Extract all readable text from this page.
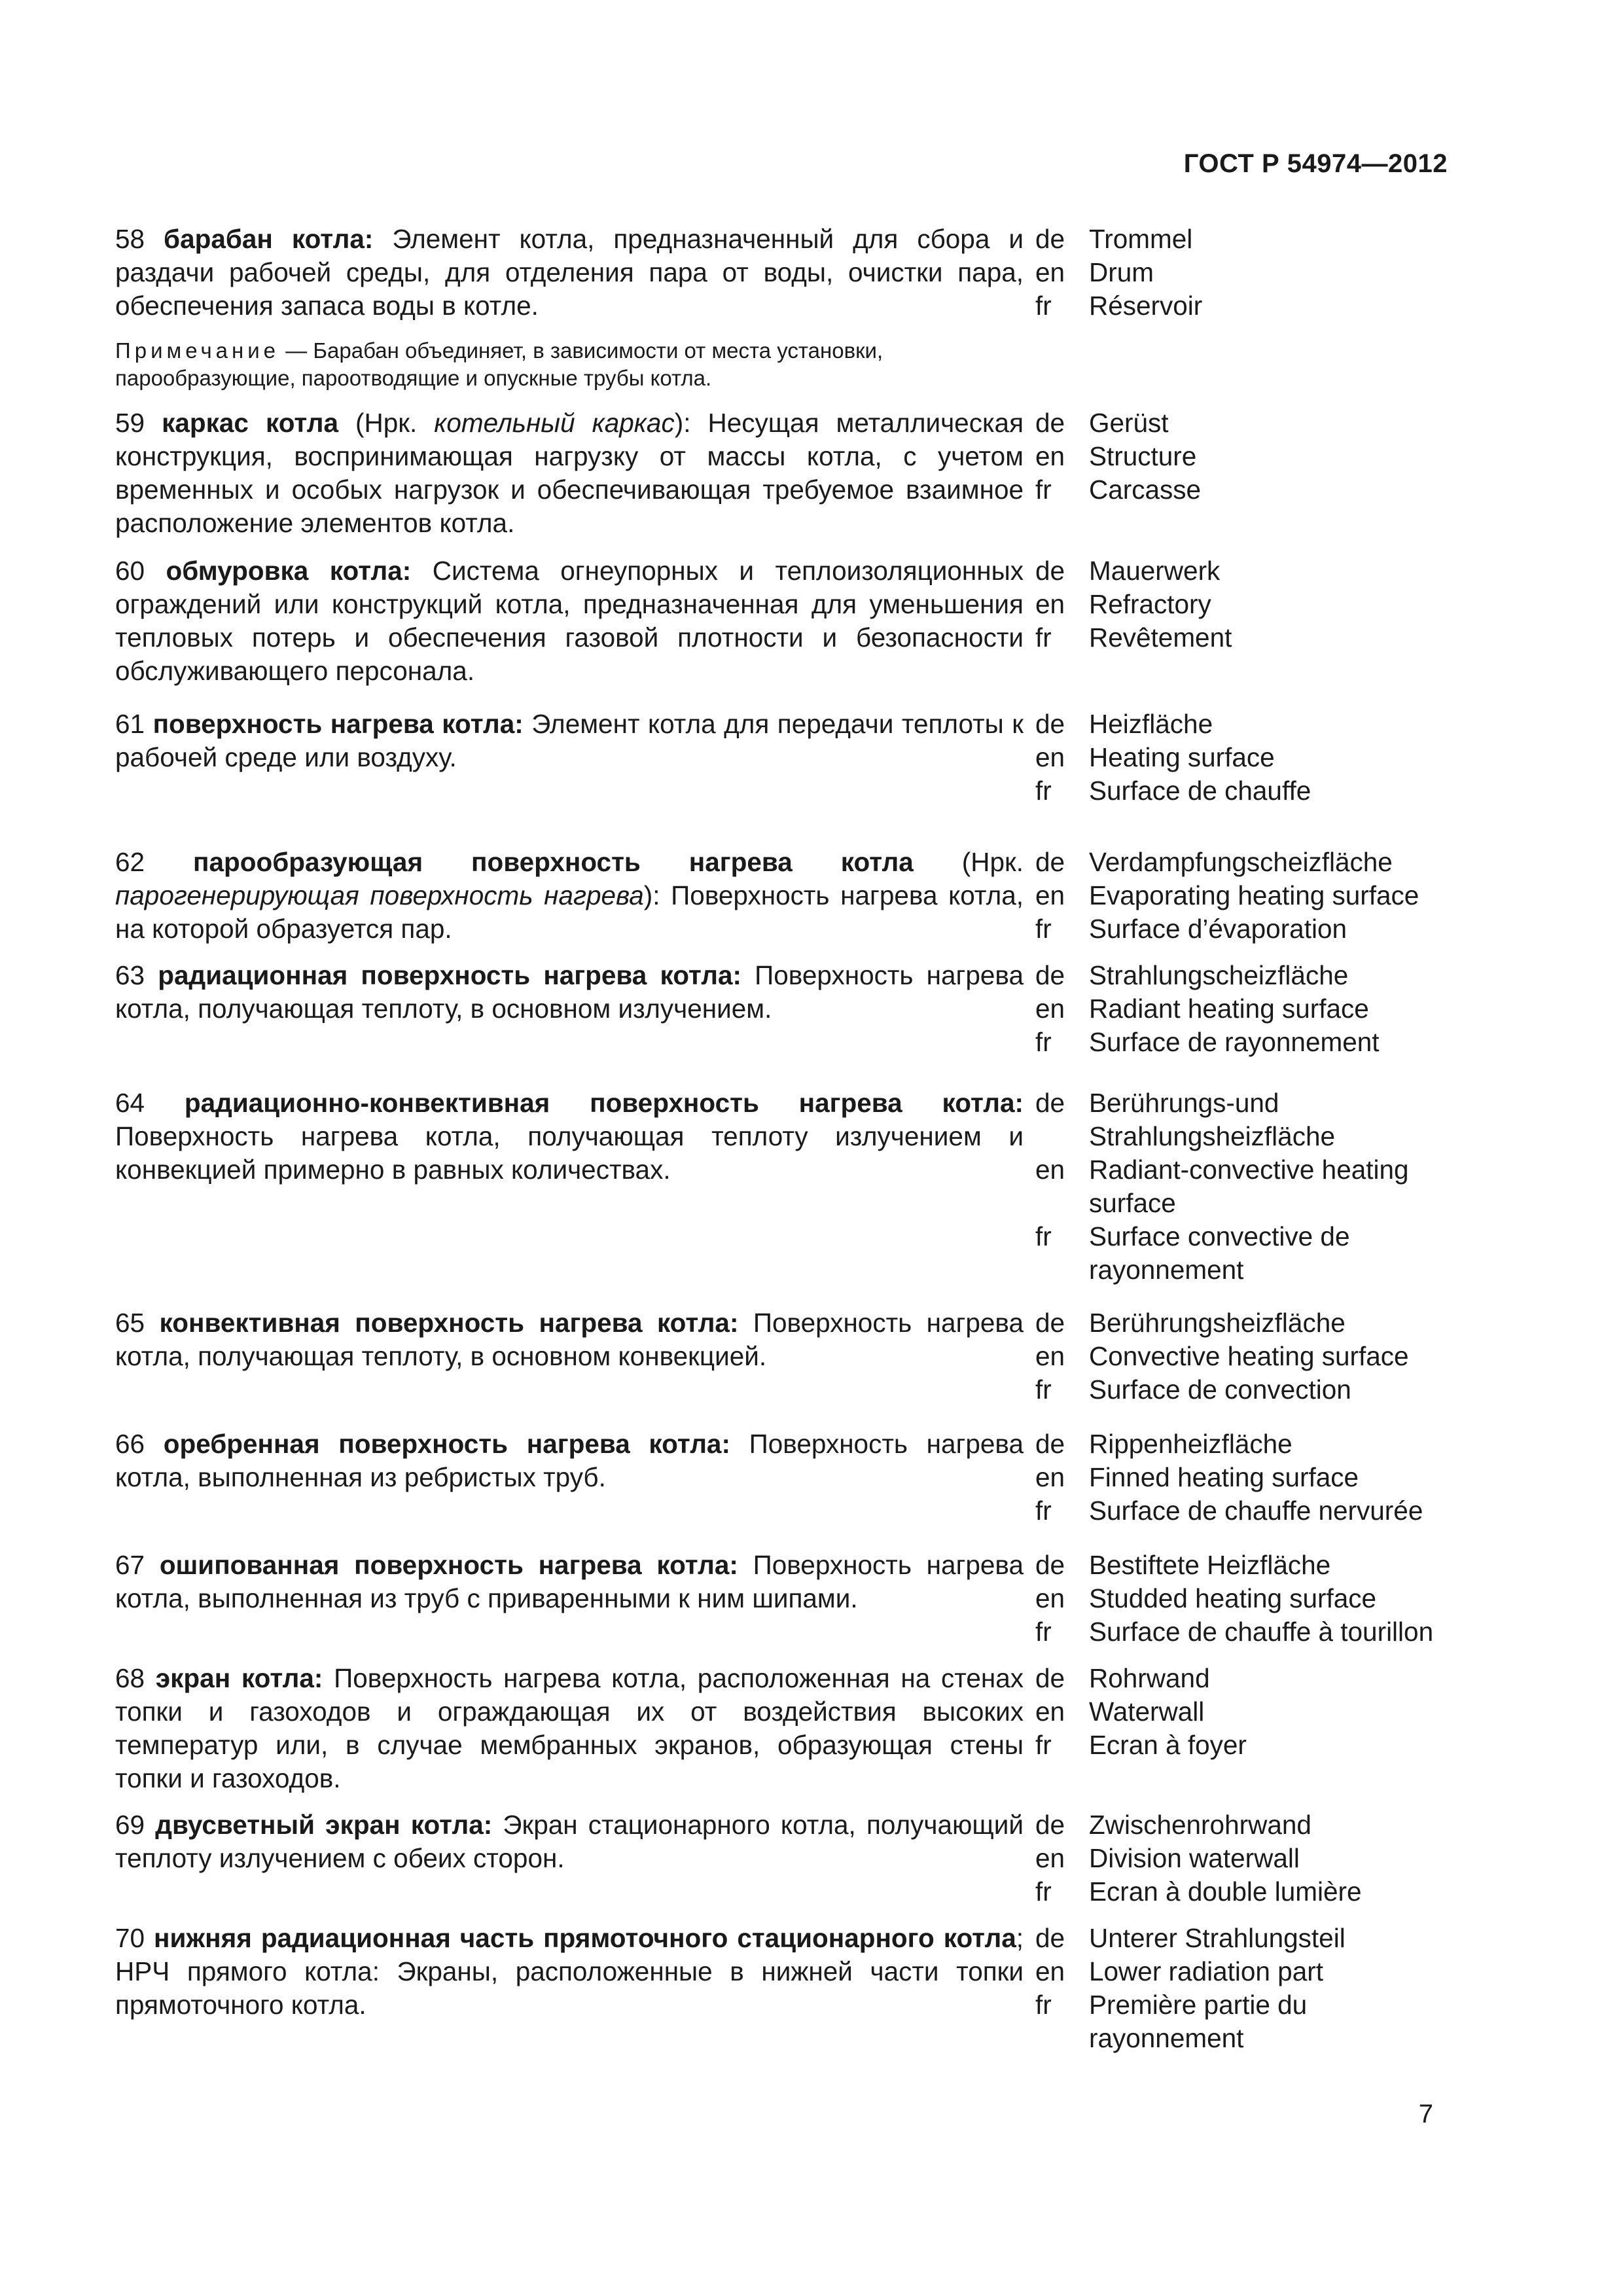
ГОСТ Р 54974—2012
58 барабан котла: Элемент котла, предназначенный для сбора и раздачи рабочей среды, для отделения пара от воды, очистки пара, обеспечения запаса воды в котле.
Примечание — Барабан объединяет, в зависимости от места установки, парообразующие, пароотводящие и опускные трубы котла.
de Trommel
en Drum
fr	Réservoir
59 каркас котла (Нрк. котельный каркас): Несущая металлическая конструкция, воспринимающая нагрузку от массы котла, с учетом временных и особых нагрузок и обеспечивающая требуемое взаимное расположение элементов котла.
de Gerüst
en Structure
fr	Carcasse
60 обмуровка котла: Система огнеупорных и теплоизоляционных ограждений или конструкций котла, предназначенная для уменьшения тепловых потерь и обеспечения газовой плотности и безопасности обслуживающего персонала.
de Mauerwerk
en Refractory
fr	Revêtement
61 поверхность нагрева котла: Элемент котла для передачи теплоты к рабочей среде или воздуху.
de Heizfläche
en Heating surface
fr	Surface de chauffe
62 парообразующая поверхность нагрева котла (Нрк. парогенерирующая поверхность нагрева): Поверхность нагрева котла, на которой образуется пар.
de Verdampfungscheizfläche
en Evaporating heating surface
fr	Surface d’évaporation
63 радиационная поверхность нагрева котла: Поверхность нагрева котла, получающая теплоту, в основном излучением.
de Strahlungscheizfläche
en Radiant heating surface
fr	Surface de rayonnement
64 радиационно-конвективная поверхность нагрева котла: Поверхность нагрева котла, получающая теплоту излучением и конвекцией примерно в равных количествах.
de Berührungs-und Strahlungsheizfläche
en Radiant-convective heating surface
fr	Surface convective de rayonnement
65 конвективная поверхность нагрева котла: Поверхность нагрева котла, получающая теплоту, в основном конвекцией.
de Berührungsheizfläche
en Convective heating surface
fr	Surface de convection
66 оребренная поверхность нагрева котла: Поверхность нагрева котла, выполненная из ребристых труб.
de Rippenheizfläche
en Finned heating surface
fr	Surface de chauffe nervurée
67 ошипованная поверхность нагрева котла: Поверхность нагрева котла, выполненная из труб с приваренными к ним шипами.
de Bestiftete Heizfläche
en Studded heating surface
fr	Surface de chauffe à tourillon
68 экран котла: Поверхность нагрева котла, расположенная на стенах топки и газоходов и ограждающая их от воздействия высоких температур или, в случае мембранных экранов, образующая стены топки и газоходов.
de Rohrwand
en Waterwall
fr	Ecran à foyer
69 двусветный экран котла: Экран стационарного котла, получающий теплоту излучением с обеих сторон.
de Zwischenrohrwand
en Division waterwall
fr	Ecran à double lumière
70 нижняя радиационная часть прямоточного стационарного котла; НРЧ прямого котла: Экраны, расположенные в нижней части топки прямоточного котла.
de Unterer Strahlungsteil
en Lower radiation part
fr	Première partie du rayonnement
7
